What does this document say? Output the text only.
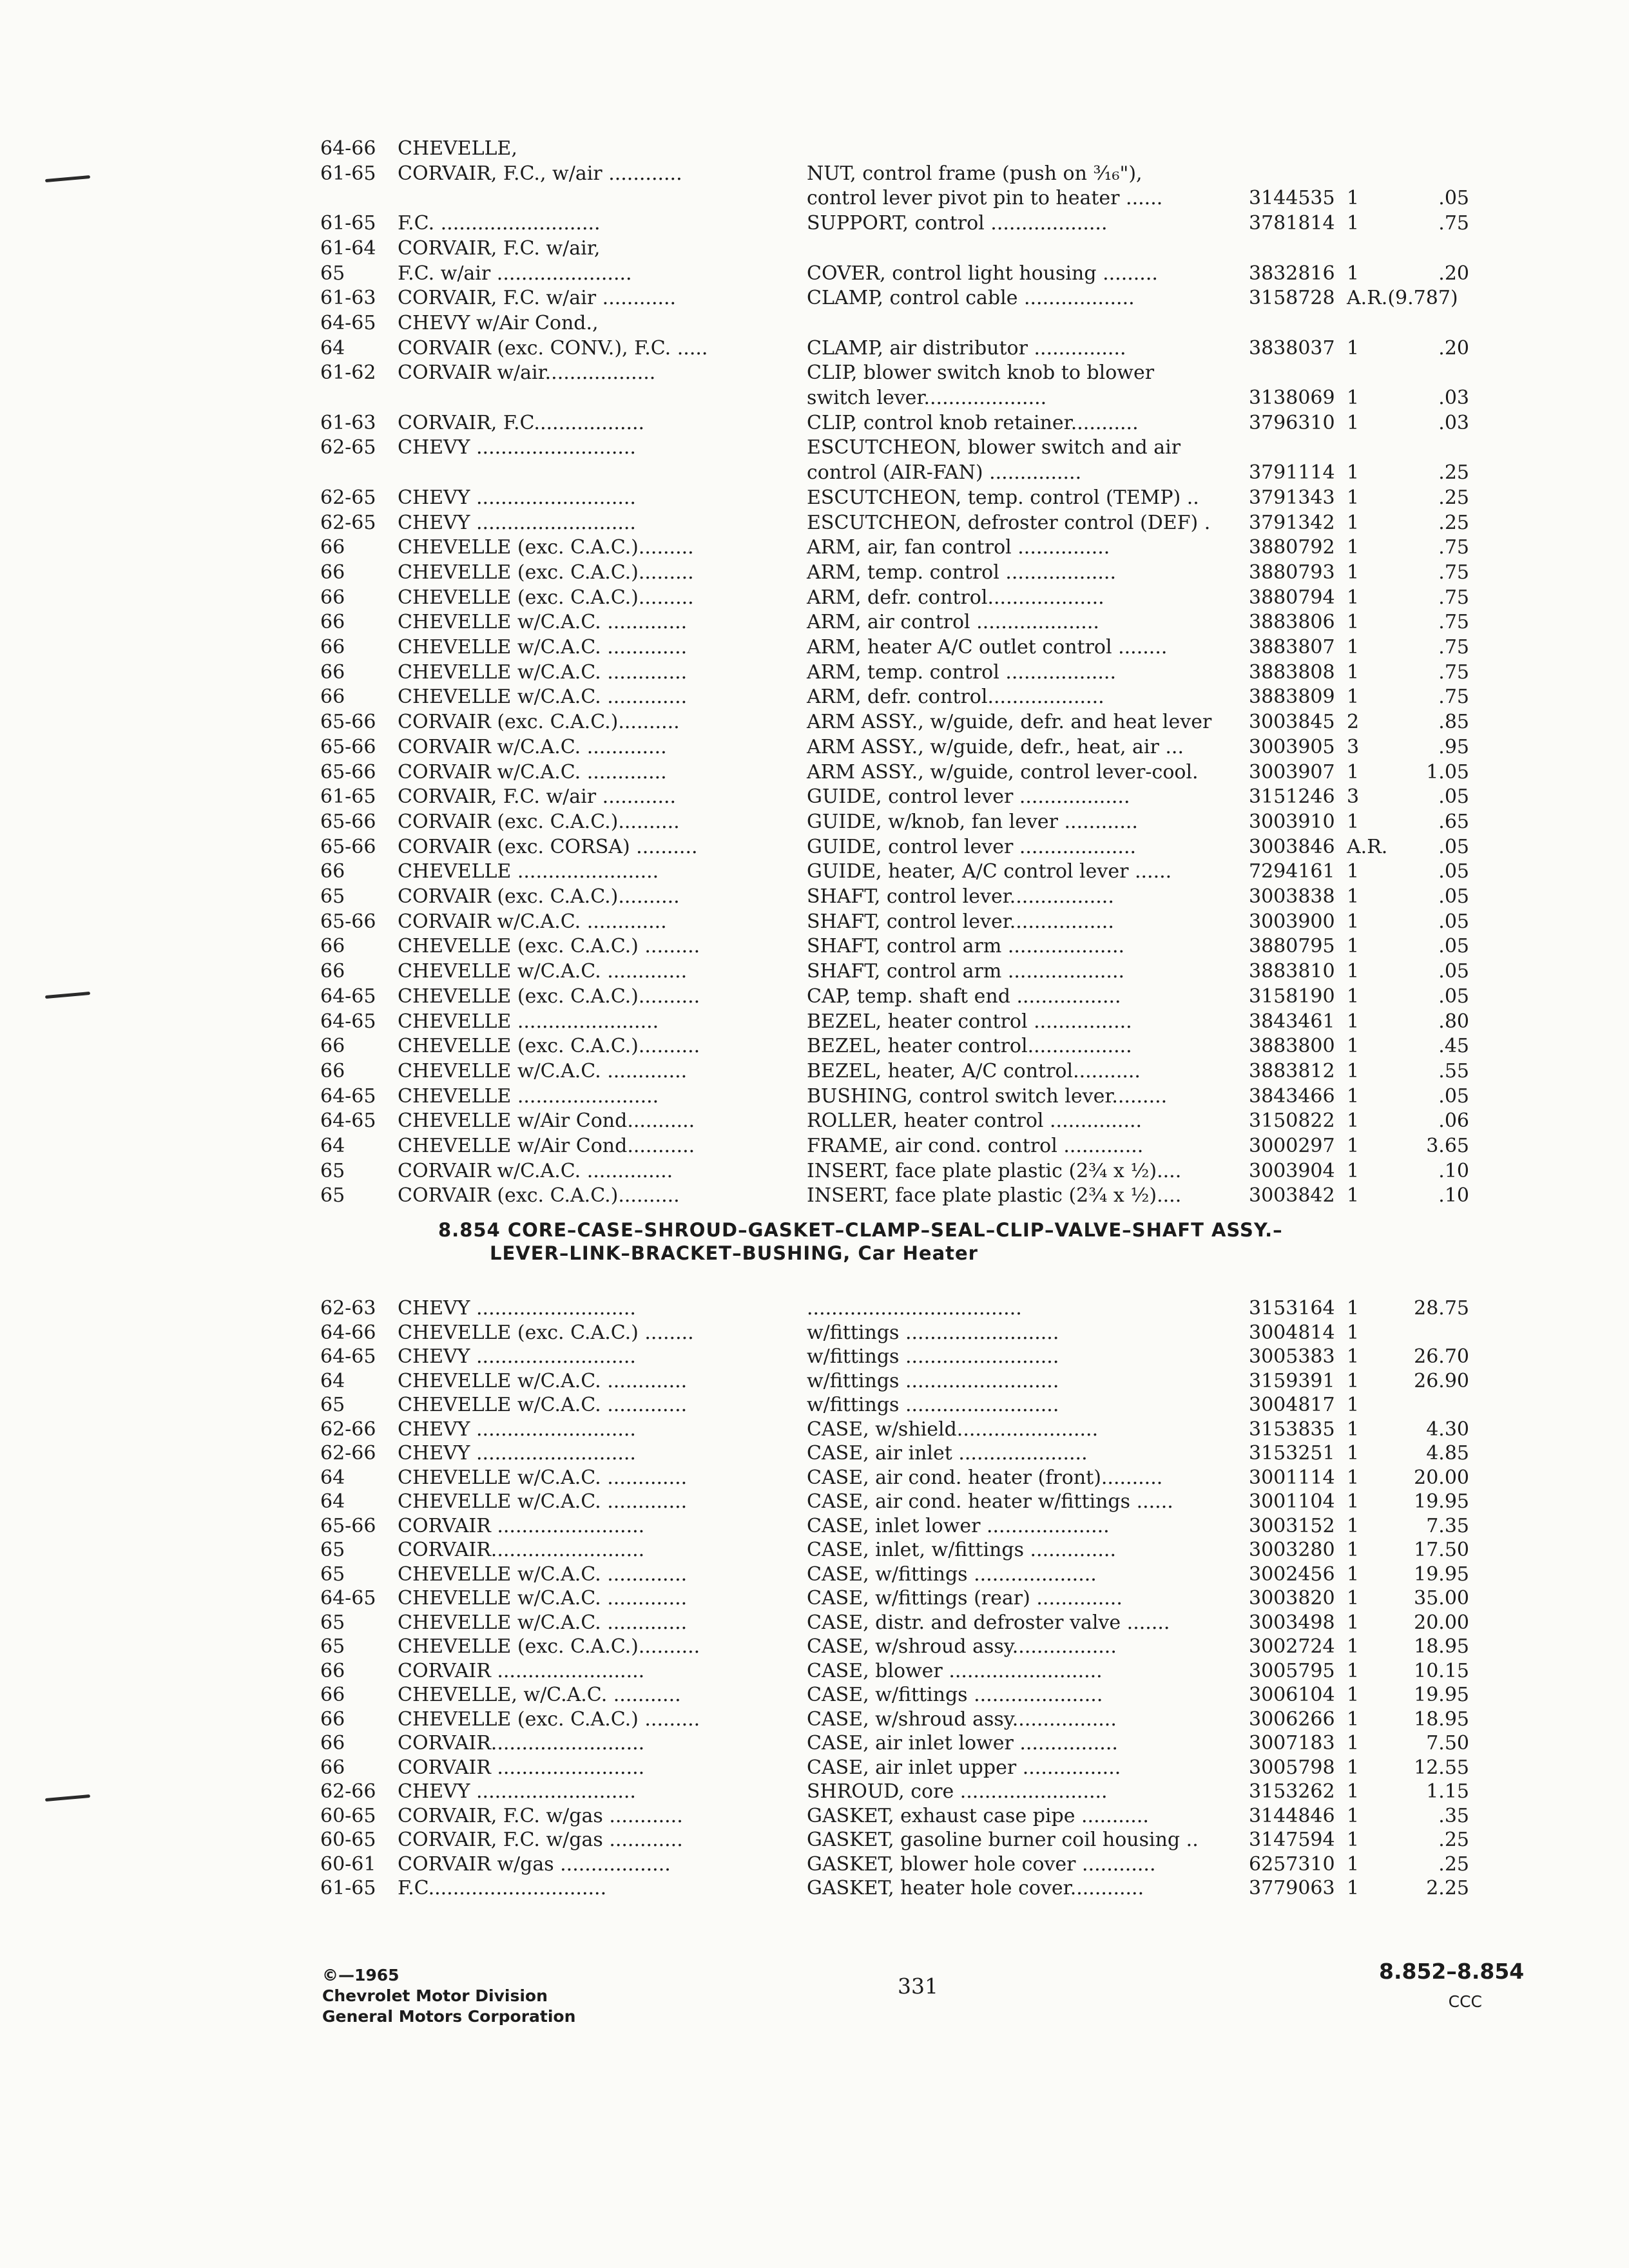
64-66	CHEVELLE,
61-65	CORVAIR, F.C., w/air ............	NUT, control frame (push on ³⁄₁₆"),
control lever pivot pin to heater ......	3144535 1	.05
61-65	F.C. ..........................	SUPPORT, control ...................	3781814 1	.75
61-64	CORVAIR, F.C. w/air,
65	F.C. w/air ......................	COVER, control light housing .........	3832816 1	.20
61-63	CORVAIR, F.C. w/air ............	CLAMP, control cable ..................	3158728 A.R.(9.787)
64-65	CHEVY w/Air Cond.,
64	CORVAIR (exc. CONV.), F.C. .....	CLAMP, air distributor ...............	3838037 1	.20
61-62	CORVAIR w/air..................	CLIP, blower switch knob to blower
switch lever....................	3138069 1	.03
61-63	CORVAIR, F.C..................	CLIP, control knob retainer...........	3796310 1	.03
62-65	CHEVY ..........................	ESCUTCHEON, blower switch and air
control (AIR-FAN) ...............	3791114 1	.25
62-65	CHEVY ..........................	ESCUTCHEON, temp. control (TEMP) ..	3791343 1	.25
62-65	CHEVY ..........................	ESCUTCHEON, defroster control (DEF) .	3791342 1	.25
66	CHEVELLE (exc. C.A.C.).........	ARM, air, fan control ...............	3880792 1	.75
66	CHEVELLE (exc. C.A.C.).........	ARM, temp. control ..................	3880793 1	.75
66	CHEVELLE (exc. C.A.C.).........	ARM, defr. control...................	3880794 1	.75
66	CHEVELLE w/C.A.C. .............	ARM, air control ....................	3883806 1	.75
66	CHEVELLE w/C.A.C. .............	ARM, heater A/C outlet control ........	3883807 1	.75
66	CHEVELLE w/C.A.C. .............	ARM, temp. control ..................	3883808 1	.75
66	CHEVELLE w/C.A.C. .............	ARM, defr. control...................	3883809 1	.75
65-66	CORVAIR (exc. C.A.C.)..........	ARM ASSY., w/guide, defr. and heat lever	3003845 2	.85
65-66	CORVAIR w/C.A.C. .............	ARM ASSY., w/guide, defr., heat, air ...	3003905 3	.95
65-66	CORVAIR w/C.A.C. .............	ARM ASSY., w/guide, control lever-cool.	3003907 1	1.05
61-65	CORVAIR, F.C. w/air ............	GUIDE, control lever ..................	3151246 3	.05
65-66	CORVAIR (exc. C.A.C.)..........	GUIDE, w/knob, fan lever ............	3003910 1	.65
65-66	CORVAIR (exc. CORSA) ..........	GUIDE, control lever ...................	3003846 A.R.	.05
66	CHEVELLE .......................	GUIDE, heater, A/C control lever ......	7294161 1	.05
65	CORVAIR (exc. C.A.C.)..........	SHAFT, control lever.................	3003838 1	.05
65-66	CORVAIR w/C.A.C. .............	SHAFT, control lever.................	3003900 1	.05
66	CHEVELLE (exc. C.A.C.) .........	SHAFT, control arm ...................	3880795 1	.05
66	CHEVELLE w/C.A.C. .............	SHAFT, control arm ...................	3883810 1	.05
64-65	CHEVELLE (exc. C.A.C.)..........	CAP, temp. shaft end .................	3158190 1	.05
64-65	CHEVELLE .......................	BEZEL, heater control ................	3843461 1	.80
66	CHEVELLE (exc. C.A.C.)..........	BEZEL, heater control.................	3883800 1	.45
66	CHEVELLE w/C.A.C. .............	BEZEL, heater, A/C control...........	3883812 1	.55
64-65	CHEVELLE .......................	BUSHING, control switch lever.........	3843466 1	.05
64-65	CHEVELLE w/Air Cond...........	ROLLER, heater control ...............	3150822 1	.06
64	CHEVELLE w/Air Cond...........	FRAME, air cond. control .............	3000297 1	3.65
65	CORVAIR w/C.A.C. ..............	INSERT, face plate plastic (2¾ x ½)....	3003904 1	.10
65	CORVAIR (exc. C.A.C.)..........	INSERT, face plate plastic (2¾ x ½)....	3003842 1	.10
8.854 CORE–CASE–SHROUD–GASKET–CLAMP–SEAL–CLIP–VALVE–SHAFT ASSY.–
LEVER–LINK–BRACKET–BUSHING, Car Heater
62-63	CHEVY ..........................	...................................	3153164 1	28.75
64-66	CHEVELLE (exc. C.A.C.) ........	w/fittings .........................	3004814 1
64-65	CHEVY ..........................	w/fittings .........................	3005383 1	26.70
64	CHEVELLE w/C.A.C. .............	w/fittings .........................	3159391 1	26.90
65	CHEVELLE w/C.A.C. .............	w/fittings .........................	3004817 1
62-66	CHEVY ..........................	CASE, w/shield.......................	3153835 1	4.30
62-66	CHEVY ..........................	CASE, air inlet .....................	3153251 1	4.85
64	CHEVELLE w/C.A.C. .............	CASE, air cond. heater (front)..........	3001114 1	20.00
64	CHEVELLE w/C.A.C. .............	CASE, air cond. heater w/fittings ......	3001104 1	19.95
65-66	CORVAIR ........................	CASE, inlet lower ....................	3003152 1	7.35
65	CORVAIR.........................	CASE, inlet, w/fittings ..............	3003280 1	17.50
65	CHEVELLE w/C.A.C. .............	CASE, w/fittings ....................	3002456 1	19.95
64-65	CHEVELLE w/C.A.C. .............	CASE, w/fittings (rear) ..............	3003820 1	35.00
65	CHEVELLE w/C.A.C. .............	CASE, distr. and defroster valve .......	3003498 1	20.00
65	CHEVELLE (exc. C.A.C.)..........	CASE, w/shroud assy.................	3002724 1	18.95
66	CORVAIR ........................	CASE, blower .........................	3005795 1	10.15
66	CHEVELLE, w/C.A.C. ...........	CASE, w/fittings .....................	3006104 1	19.95
66	CHEVELLE (exc. C.A.C.) .........	CASE, w/shroud assy.................	3006266 1	18.95
66	CORVAIR.........................	CASE, air inlet lower ................	3007183 1	7.50
66	CORVAIR ........................	CASE, air inlet upper ................	3005798 1	12.55
62-66	CHEVY ..........................	SHROUD, core ........................	3153262 1	1.15
60-65	CORVAIR, F.C. w/gas ............	GASKET, exhaust case pipe ...........	3144846 1	.35
60-65	CORVAIR, F.C. w/gas ............	GASKET, gasoline burner coil housing ..	3147594 1	.25
60-61	CORVAIR w/gas ..................	GASKET, blower hole cover ............	6257310 1	.25
61-65	F.C.............................	GASKET, heater hole cover............	3779063 1	2.25
©—1965
Chevrolet Motor Division
General Motors Corporation
331
8.852–8.854
CCC
